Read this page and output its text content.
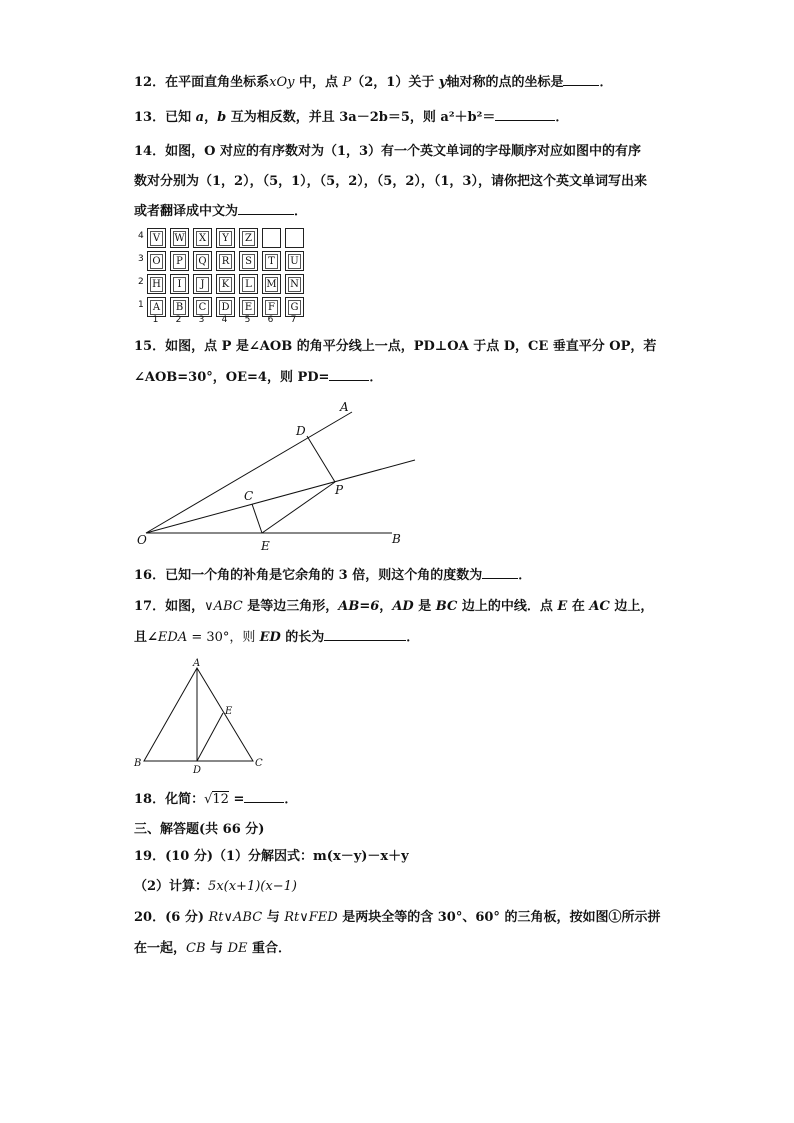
12．在平面直角坐标系xOy 中，点 P（2，1）关于 y轴对称的点的坐标是	．
13．已知 a，b 互为相反数，并且 3a－2b＝5，则 a²＋b²＝	．
14．如图，O 对应的有序数对为（1，3）有一个英文单词的字母顺序对应如图中的有序
数对分别为（1，2），（5，1），（5，2），（5，2），（1，3），请你把这个英文单词写出来
或者翻译成中文为	．
4 V	W	X	Y	Z
3 O	P	Q	R	S	T	U
2 H	I	J	K	L	M	N
1 A	B	C	D	E	F	G
1	2	3	4	5	6	7
15．如图，点 P 是∠AOB 的角平分线上一点，PD⊥OA 于点 D，CE 垂直平分 OP，若
∠AOB=30°，OE=4，则 PD=	．
A
D
C	P
O	E	B
A
E
B
D
C
16．已知一个角的补角是它余角的 3 倍，则这个角的度数为	．
17．如图，∨ABC 是等边三角形，AB=6，AD 是 BC 边上的中线．点 E 在 AC 边上，
且∠EDA = 30°，则 ED 的长为	．
18．化简：√12 =	．
三、解答题(共 66 分)
19．(10 分)（1）分解因式：m(x－y)－x＋y
（2）计算：5x(x+1)(x−1)
20．(6 分) Rt∨ABC 与 Rt∨FED 是两块全等的含 30°、60° 的三角板，按如图①所示拼
在一起，CB 与 DE 重合．
